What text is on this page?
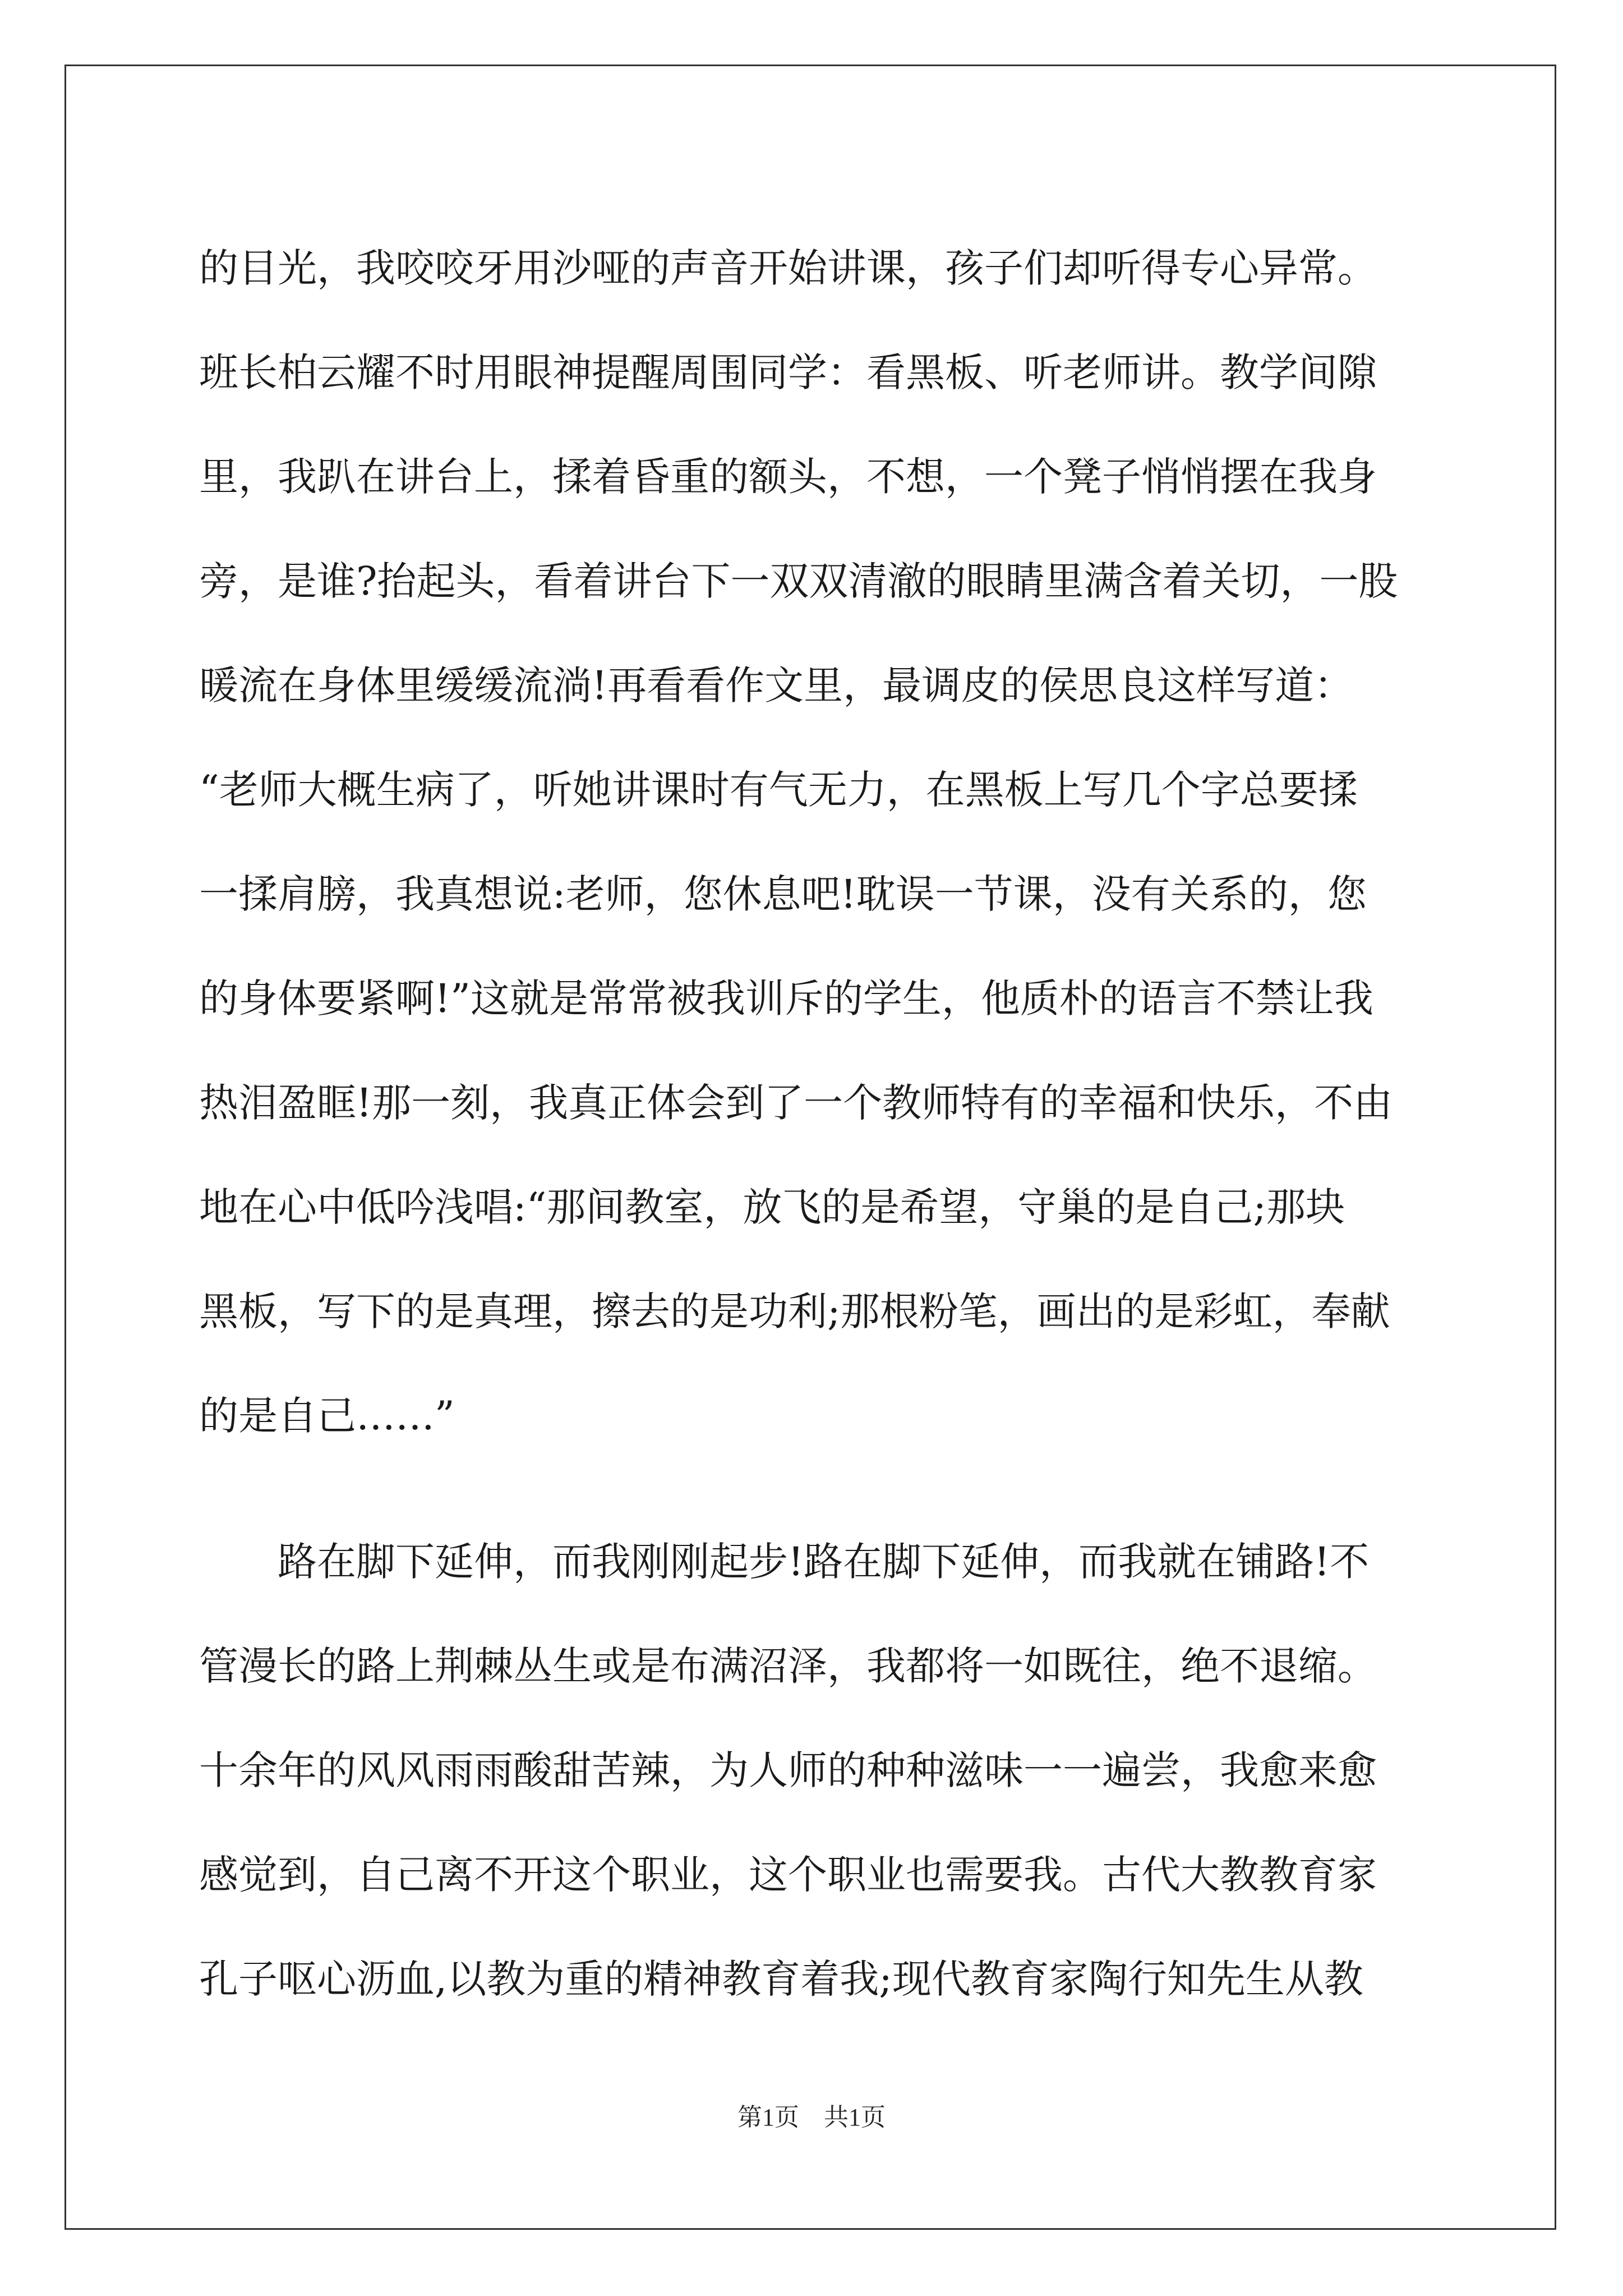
的目光，我咬咬牙用沙哑的声音开始讲课，孩子们却听得专心异常。
班长柏云耀不时用眼神提醒周围同学：看黑板、听老师讲。教学间隙
里，我趴在讲台上，揉着昏重的额头，不想，一个凳子悄悄摆在我身
旁，是谁?抬起头，看着讲台下一双双清澈的眼睛里满含着关切，一股
暖流在身体里缓缓流淌!再看看作文里，最调皮的侯思良这样写道：
“老师大概生病了，听她讲课时有气无力，在黑板上写几个字总要揉
一揉肩膀，我真想说:老师，您休息吧!耽误一节课，没有关系的，您
的身体要紧啊!”这就是常常被我训斥的学生，他质朴的语言不禁让我
热泪盈眶!那一刻，我真正体会到了一个教师特有的幸福和快乐，不由
地在心中低吟浅唱:“那间教室，放飞的是希望，守巢的是自己;那块
黑板，写下的是真理，擦去的是功利;那根粉笔，画出的是彩虹，奉献
的是自己……”
　　路在脚下延伸，而我刚刚起步!路在脚下延伸，而我就在铺路!不
管漫长的路上荆棘丛生或是布满沼泽，我都将一如既往，绝不退缩。
十余年的风风雨雨酸甜苦辣，为人师的种种滋味一一遍尝，我愈来愈
感觉到，自己离不开这个职业，这个职业也需要我。古代大教教育家
孔子呕心沥血,以教为重的精神教育着我;现代教育家陶行知先生从教
第1页　共1页
